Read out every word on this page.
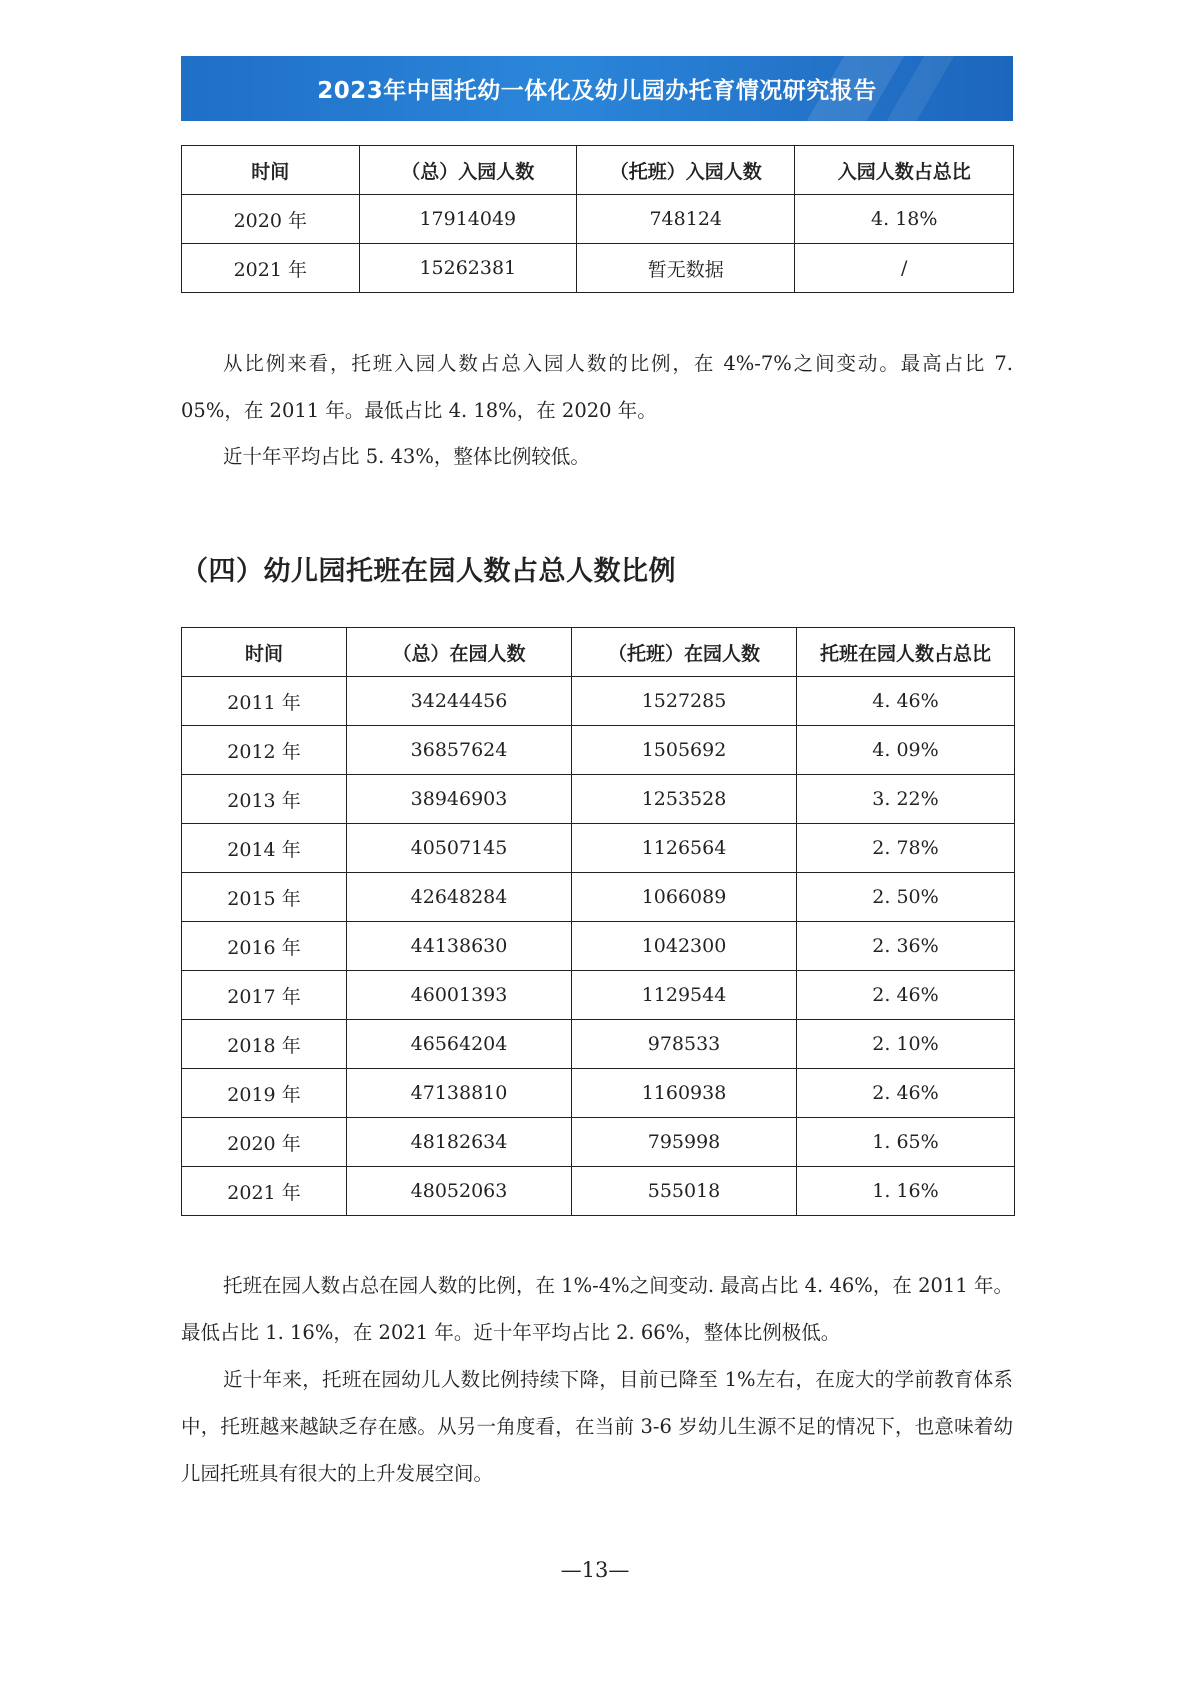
2023年中国托幼一体化及幼儿园办托育情况研究报告
时间	（总）入园人数	（托班）入园人数	入园人数占总比
2020 年	17914049	748124	4. 18%
2021 年	15262381	暂无数据	/

从比例来看，托班入园人数占总入园人数的比例，在 4%-7%之间变动。最高占比 7. 05%，在 2011 年。最低占比 4. 18%，在 2020 年。

近十年平均占比 5. 43%，整体比例较低。

（四）幼儿园托班在园人数占总人数比例
时间	（总）在园人数	（托班）在园人数	托班在园人数占总比
2011 年	34244456	1527285	4. 46%
2012 年	36857624	1505692	4. 09%
2013 年	38946903	1253528	3. 22%
2014 年	40507145	1126564	2. 78%
2015 年	42648284	1066089	2. 50%
2016 年	44138630	1042300	2. 36%
2017 年	46001393	1129544	2. 46%
2018 年	46564204	978533	2. 10%
2019 年	47138810	1160938	2. 46%
2020 年	48182634	795998	1. 65%
2021 年	48052063	555018	1. 16%

托班在园人数占总在园人数的比例，在 1%-4%之间变动. 最高占比 4. 46%，在 2011 年。最低占比 1. 16%，在 2021 年。近十年平均占比 2. 66%，整体比例极低。

近十年来，托班在园幼儿人数比例持续下降，目前已降至 1%左右，在庞大的学前教育体系中，托班越来越缺乏存在感。从另一角度看，在当前 3-6 岁幼儿生源不足的情况下，也意味着幼儿园托班具有很大的上升发展空间。

—13—
